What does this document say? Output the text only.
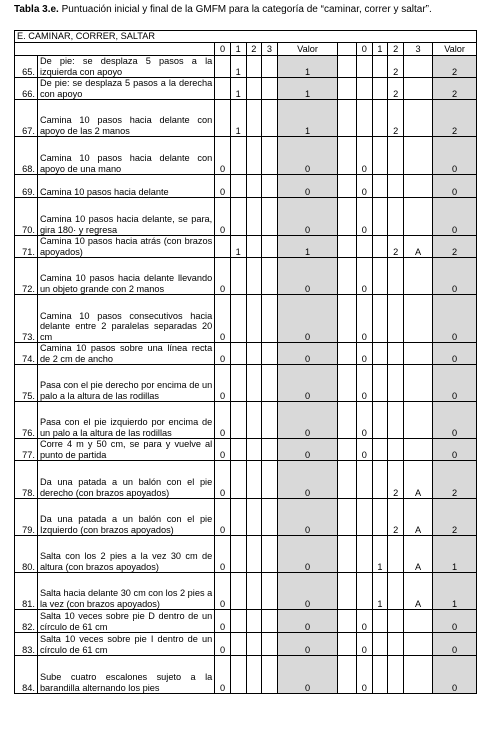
Tabla 3.e. Puntuación inicial y final de la GMFM para la categoría de “caminar, correr y saltar”.
E. CAMINAR, CORRER, SALTAR												
		0	1	2	3	Valor		0	1	2	3	Valor
65.	De pie: se desplaza 5 pasos a la izquierda con apoyo		1			1				2		2
66.	De pie: se desplaza 5 pasos a la derecha con apoyo		1			1				2		2
67.	Camina 10 pasos hacia delante con apoyo de las 2 manos		1			1				2		2
68.	Camina 10 pasos hacia delante con apoyo de una mano	0				0		0				0
69.	Camina 10 pasos hacia delante	0				0		0				0
70.	Camina 10 pasos hacia delante, se para, gira 180· y regresa	0				0		0				0
71.	Camina 10 pasos hacia atrás (con brazos apoyados)		1			1				2	A	2
72.	Camina 10 pasos hacia delante llevando un objeto grande con 2 manos	0				0		0				0
73.	Camina 10 pasos consecutivos hacia delante entre 2 paralelas separadas 20 cm	0				0		0				0
74.	Camina 10 pasos sobre una línea recta de 2 cm de ancho	0				0		0				0
75.	Pasa con el pie derecho por encima de un palo a la altura de las rodillas	0				0		0				0
76.	Pasa con el pie izquierdo por encima de un palo a la altura de las rodillas	0				0		0				0
77.	Corre 4 m y 50 cm, se para y vuelve al punto de partida	0				0		0				0
78.	Da una patada a un balón con el pie derecho (con brazos apoyados)	0				0				2	A	2
79.	Da una patada a un balón con el pie Izquierdo (con brazos apoyados)	0				0				2	A	2
80.	Salta con los 2 pies a la vez 30 cm de altura (con brazos apoyados)	0				0			1		A	1
81.	Salta hacia delante 30 cm con los 2 pies a la vez (con brazos apoyados)	0				0			1		A	1
82.	Salta 10 veces sobre pie D dentro de un círculo de 61 cm	0				0		0				0
83.	Salta 10 veces sobre pie I dentro de un círculo de 61 cm	0				0		0				0
84.	Sube cuatro escalones sujeto a la barandilla alternando los pies	0				0		0				0
